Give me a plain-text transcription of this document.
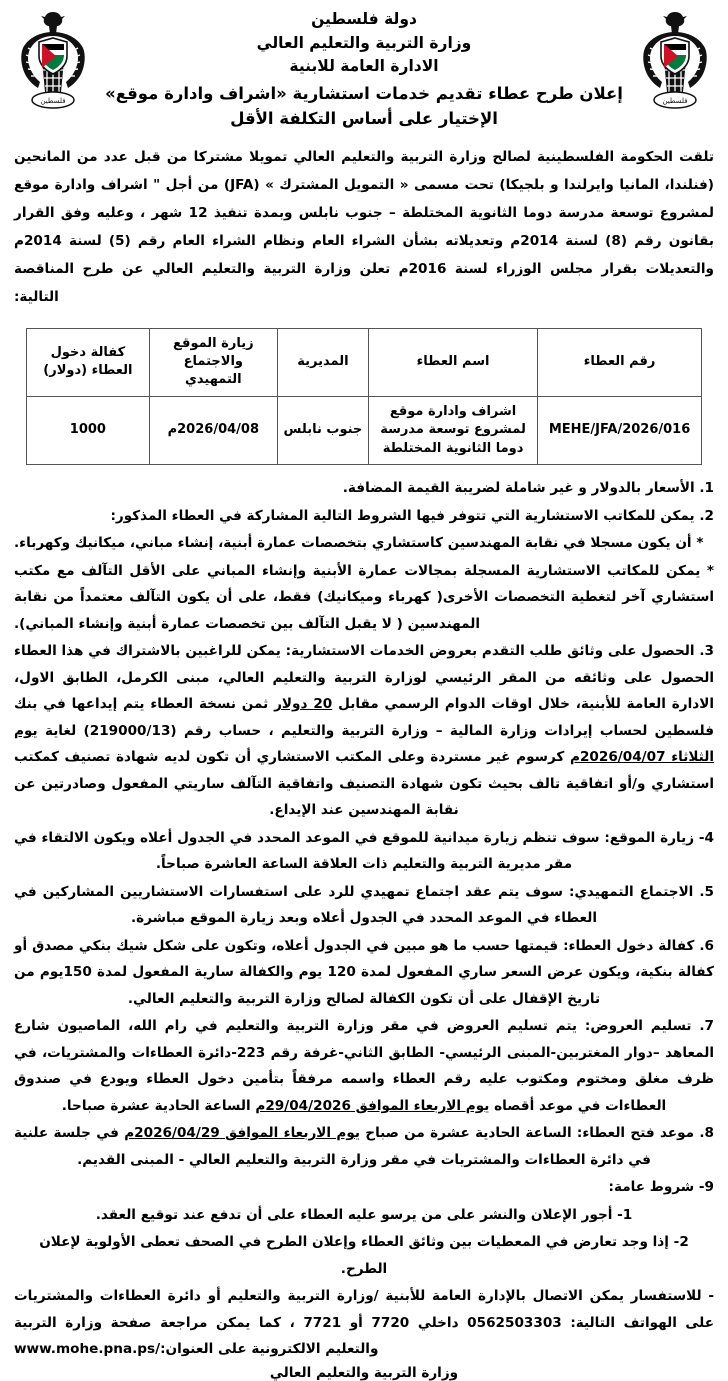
فلسطين	فلسطين
دولة فلسطين
وزارة التربية والتعليم العالي
الادارة العامة للابنية
إعلان طرح عطاء تقديم خدمات استشارية «اشراف وادارة موقع»
الإختيار على أساس التكلفة الأقل

تلقت الحكومة الفلسطينية لصالح وزارة التربية والتعليم العالي تمويلا مشتركا من قبل عدد من المانحين (فنلندا، المانيا وايرلندا و بلجيكا) تحت مسمى « التمويل المشترك » (JFA) من أجل " اشراف وادارة موقع لمشروع توسعة مدرسة دوما الثانوية المختلطة – جنوب نابلس وبمدة تنفيذ 12 شهر ، وعليه وفق القرار بقانون رقم (8) لسنة 2014م وتعديلاته بشأن الشراء العام ونظام الشراء العام رقم (5) لسنة 2014م والتعديلات بقرار مجلس الوزراء لسنة 2016م تعلن وزارة التربية والتعليم العالي عن طرح المناقصة التالية:

رقم العطاء	اسم العطاء	المديرية	زيارة الموقع والاجتماع التمهيدي	كفالة دخول العطاء (دولار)
MEHE/JFA/2026/016	اشراف وادارة موقع لمشروع توسعة مدرسة دوما الثانوية المختلطة	جنوب نابلس	2026/04/08م	1000

1. الأسعار بالدولار و غير شاملة لضريبة القيمة المضافة.

2. يمكن للمكاتب الاستشارية التي تتوفر فيها الشروط التالية المشاركة في العطاء المذكور:

* أن يكون مسجلا في نقابة المهندسين كاستشاري بتخصصات عمارة أبنية، إنشاء مباني، ميكانيك وكهرباء.

* يمكن للمكاتب الاستشارية المسجلة بمجالات عمارة الأبنية وإنشاء المباني على الأقل التآلف مع مكتب استشاري آخر لتغطية التخصصات الأخرى( كهرباء وميكانيك) فقط، على أن يكون التآلف معتمداً من نقابة المهندسين ( لا يقبل التآلف بين تخصصات عمارة أبنية وإنشاء المباني).

3. الحصول على وثائق طلب التقدم بعروض الخدمات الاستشارية: يمكن للراغبين بالاشتراك في هذا العطاء الحصول على وثائقه من المقر الرئيسي لوزارة التربية والتعليم العالي، مبنى الكرمل، الطابق الاول، الادارة العامة للأبنية، خلال اوقات الدوام الرسمي مقابل 20 دولار ثمن نسخة العطاء يتم إيداعها في بنك فلسطين لحساب إيرادات وزارة المالية – وزارة التربية والتعليم ، حساب رقم (219000/13) لغاية يوم الثلاثاء 2026/04/07م كرسوم غير مستردة وعلى المكتب الاستشاري أن تكون لديه شهادة تصنيف كمكتب استشاري و/أو اتفاقية تالف بحيث تكون شهادة التصنيف واتفاقية التآلف ساريتي المفعول وصادرتين عن نقابة المهندسين عند الإيداع.

4- زيارة الموقع: سوف تنظم زيارة ميدانية للموقع في الموعد المحدد في الجدول أعلاه ويكون الالتقاء في مقر مديرية التربية والتعليم ذات العلاقة الساعة العاشرة صباحاً.

5. الاجتماع التمهيدي: سوف يتم عقد اجتماع تمهيدي للرد على استفسارات الاستشاريين المشاركين في العطاء في الموعد المحدد في الجدول أعلاه وبعد زيارة الموقع مباشرة.

6. كفالة دخول العطاء: قيمتها حسب ما هو مبين في الجدول أعلاه، وتكون على شكل شيك بنكي مصدق أو كفالة بنكية، ويكون عرض السعر ساري المفعول لمدة 120 يوم والكفالة سارية المفعول لمدة 150يوم من تاريخ الإقفال على أن تكون الكفالة لصالح وزارة التربية والتعليم العالي.

7. تسليم العروض: يتم تسليم العروض في مقر وزارة التربية والتعليم في رام الله، الماصيون شارع المعاهد –دوار المغتربين-المبنى الرئيسي- الطابق الثاني-غرفة رقم 223-دائرة العطاءات والمشتريات، في ظرف مغلق ومختوم ومكتوب عليه رقم العطاء واسمه مرفقاً بتأمين دخول العطاء ويودع في صندوق العطاءات في موعد أقصاه يوم الاربعاء الموافق 29/04/2026م الساعة الحادية عشرة صباحا.

8. موعد فتح العطاء: الساعة الحادية عشرة من صباح يوم الاربعاء الموافق 2026/04/29م في جلسة علنية في دائرة العطاءات والمشتريات في مقر وزارة التربية والتعليم العالي - المبنى القديم.

9- شروط عامة:

1- أجور الإعلان والنشر على من يرسو عليه العطاء على أن تدفع عند توقيع العقد.

2- إذا وجد تعارض في المعطيات بين وثائق العطاء وإعلان الطرح في الصحف تعطى الأولوية لإعلان الطرح.

- للاستفسار يمكن الاتصال بالإدارة العامة للأبنية /وزارة التربية والتعليم أو دائرة العطاءات والمشتريات على الهواتف التالية: 0562503303 داخلي 7720 أو 7721 ، كما يمكن مراجعة صفحة وزارة التربية والتعليم الالكترونية على العنوان:/www.mohe.pna.ps

وزارة التربية والتعليم العالي
